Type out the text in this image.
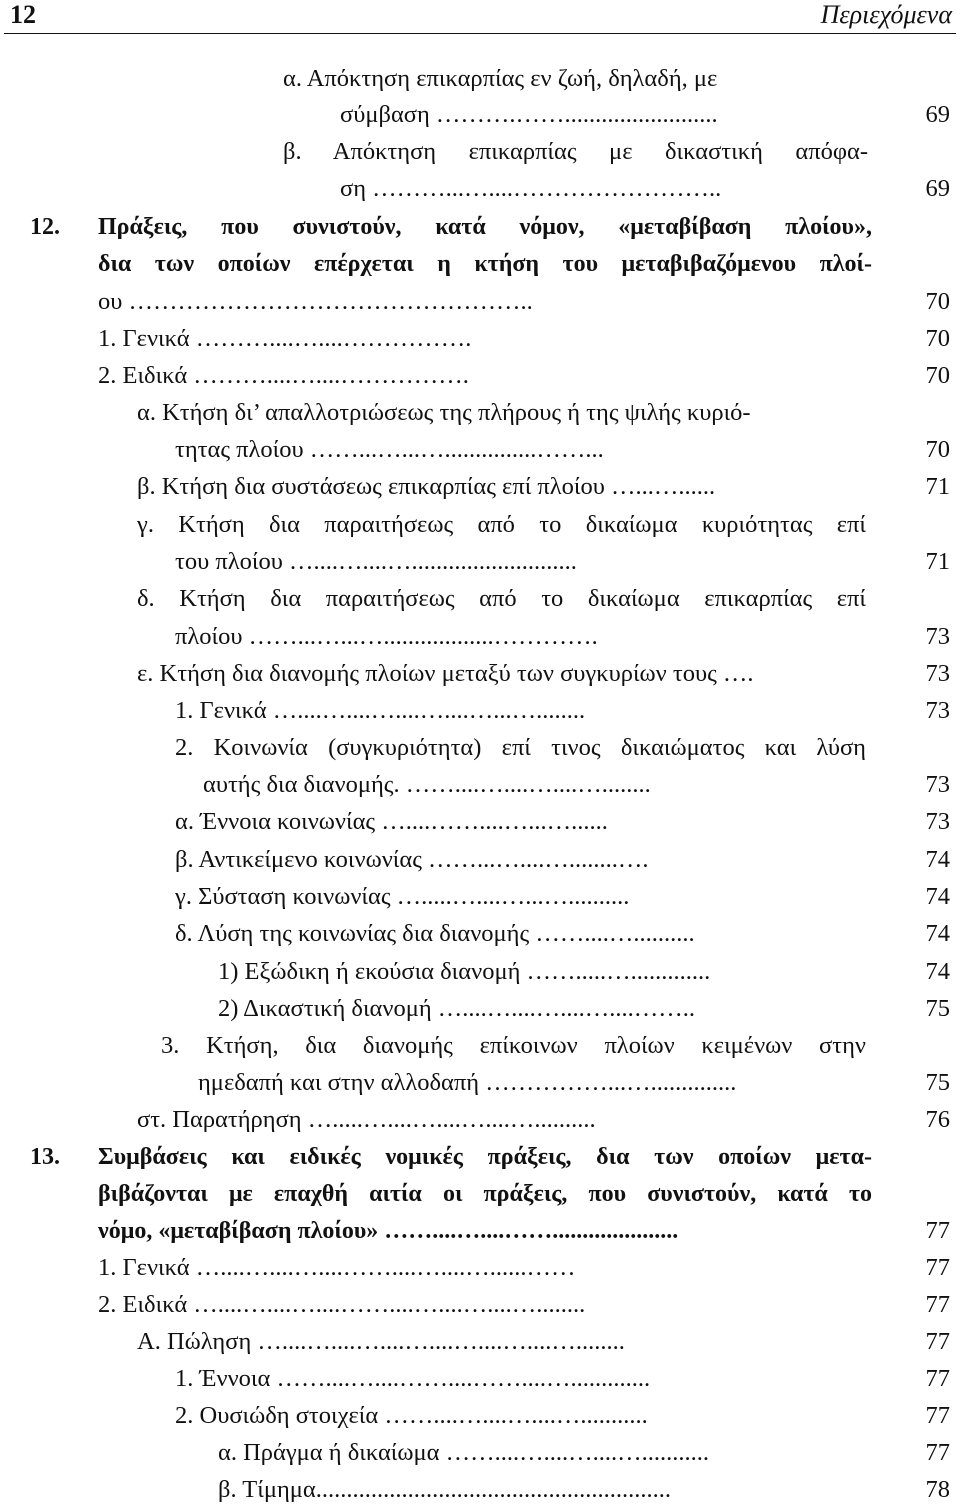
12	Περιεχόμενα
α. Απόκτηση επικαρπίας εν ζωή, δηλαδή, με
σύμβαση ……….…….........................	69
β. Απόκτηση επικαρπίας με δικαστική απόφα-
ση ………...…....……………………..	69
12. Πράξεις, που συνιστούν, κατά νόμον, «μεταβίβαση πλοίου»,
δια των οποίων επέρχεται η κτήση του μεταβιβαζόμενου πλοί-
ου …………………………………………..	70
1. Γενικά ………....…....…………….	70
2. Ειδικά ………....…....…………….	70
α. Κτήση δι’ απαλλοτριώσεως της πλήρους ή της ψιλής κυριό-
τητας πλοίου ……...…...…...............……...	70
β. Κτήση δια συστάσεως επικαρπίας επί πλοίου …...…......	71
γ. Κτήση δια παραιτήσεως από το δικαίωμα κυριότητας επί
του πλοίου …....…....…...........................	71
δ. Κτήση δια παραιτήσεως από το δικαίωμα επικαρπίας επί
πλοίου ……...…...…..................………….	73
ε. Κτήση δια διανομής πλοίων μεταξύ των συγκυρίων τους ….	73
1. Γενικά …....…....…....…....…...…........	73
2. Κοινωνία (συγκυριότητα) επί τινος δικαιώματος και λύση
αυτής δια διανομής. ……....…....…....…........	73
α. Έννοια κοινωνίας …....……....…...…......	73
β. Αντικείμενο κοινωνίας ……...…....…........….	74
γ. Σύσταση κοινωνίας ….....…....…...…..........	74
δ. Λύση της κοινωνίας δια διανομής ……....…..........	74
1) Εξώδικη ή εκούσια διανομή …….....….............	74
2) Δικαστική διανομή …....…....…....…....……..	75
3. Κτήση, δια διανομής επίκοινων πλοίων κειμένων στην
ημεδαπή και στην αλλοδαπή ……………...…..............	75
στ. Παρατήρηση ….....…....…....…....…..........	76
13. Συμβάσεις και ειδικές νομικές πράξεις, δια των οποίων μετα-
βιβάζονται με επαχθή αιτία οι πράξεις, που συνιστούν, κατά το
νόμο, «μεταβίβαση πλοίου» ……....…....…….....................	77
1. Γενικά …....…....…....……....…....…......……	77
2. Ειδικά …....…....…....……....…....…....…........	77
Α. Πώληση …....…....…....…....…....…....…........	77
1. Έννοια ……....…....……....……....….............	77
2. Ουσιώδη στοιχεία ……....…....…....…...........	77
α. Πράγμα ή δικαίωμα ……....…....…....…...........	77
β. Τίμημα..........................................................	78
